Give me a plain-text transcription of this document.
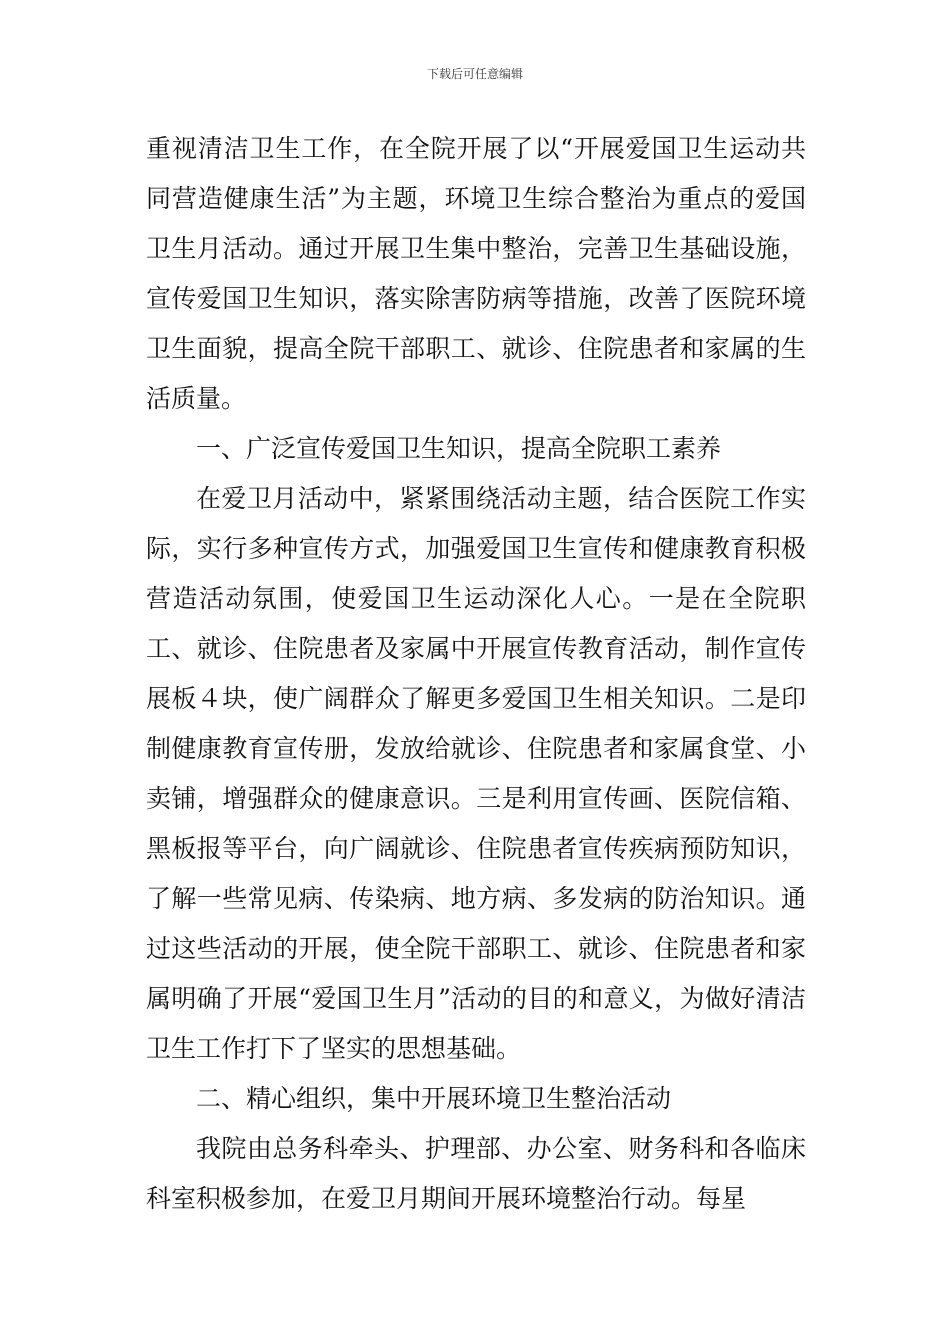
下载后可任意编辑

重视清洁卫生工作，在全院开展了以“开展爱国卫生运动共同营造健康生活”为主题，环境卫生综合整治为重点的爱国卫生月活动。通过开展卫生集中整治，完善卫生基础设施，宣传爱国卫生知识，落实除害防病等措施，改善了医院环境卫生面貌，提高全院干部职工、就诊、住院患者和家属的生活质量。

一、广泛宣传爱国卫生知识，提高全院职工素养

在爱卫月活动中，紧紧围绕活动主题，结合医院工作实际，实行多种宣传方式，加强爱国卫生宣传和健康教育积极营造活动氛围，使爱国卫生运动深化人心。一是在全院职工、就诊、住院患者及家属中开展宣传教育活动，制作宣传展板４块，使广阔群众了解更多爱国卫生相关知识。二是印制健康教育宣传册，发放给就诊、住院患者和家属食堂、小卖铺，增强群众的健康意识。三是利用宣传画、医院信箱、黑板报等平台，向广阔就诊、住院患者宣传疾病预防知识，了解一些常见病、传染病、地方病、多发病的防治知识。通过这些活动的开展，使全院干部职工、就诊、住院患者和家属明确了开展“爱国卫生月”活动的目的和意义，为做好清洁卫生工作打下了坚实的思想基础。

二、精心组织，集中开展环境卫生整治活动

我院由总务科牵头、护理部、办公室、财务科和各临床科室积极参加，在爱卫月期间开展环境整治行动。每星
